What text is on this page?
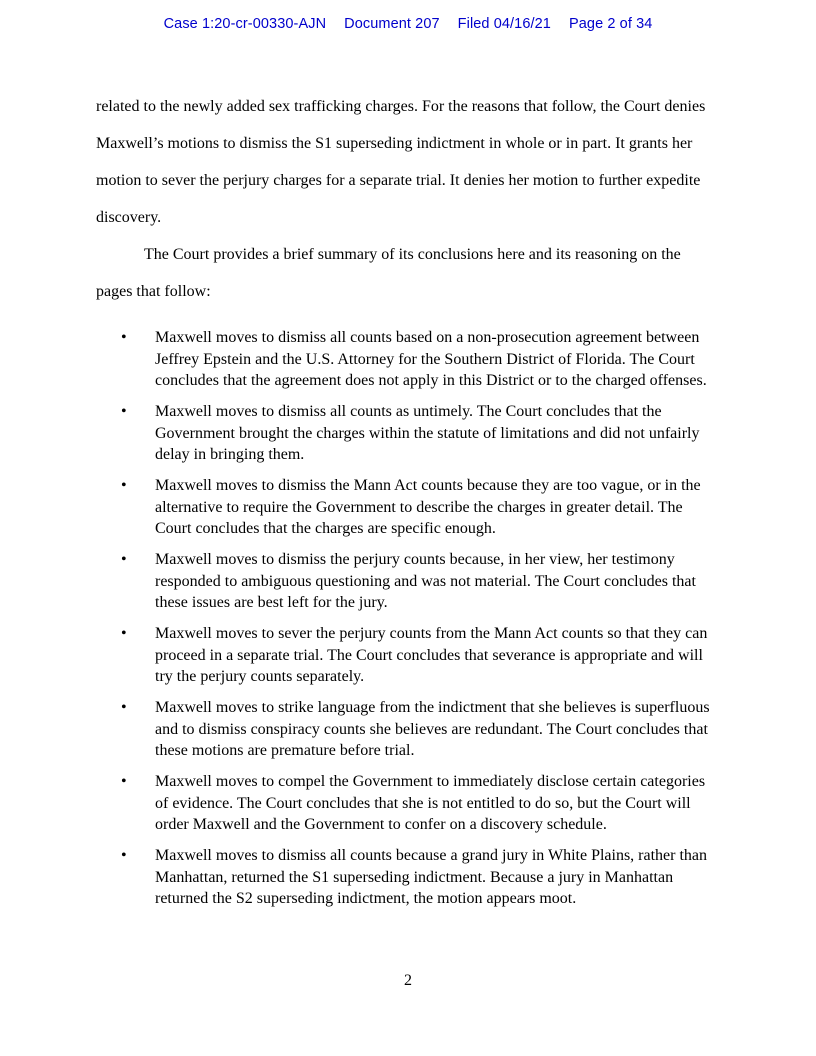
Case 1:20-cr-00330-AJN Document 207 Filed 04/16/21 Page 2 of 34

related to the newly added sex trafficking charges. For the reasons that follow, the Court denies Maxwell’s motions to dismiss the S1 superseding indictment in whole or in part. It grants her motion to sever the perjury charges for a separate trial. It denies her motion to further expedite discovery.

The Court provides a brief summary of its conclusions here and its reasoning on the pages that follow:

• Maxwell moves to dismiss all counts based on a non-prosecution agreement between Jeffrey Epstein and the U.S. Attorney for the Southern District of Florida. The Court concludes that the agreement does not apply in this District or to the charged offenses.
• Maxwell moves to dismiss all counts as untimely. The Court concludes that the Government brought the charges within the statute of limitations and did not unfairly delay in bringing them.
• Maxwell moves to dismiss the Mann Act counts because they are too vague, or in the alternative to require the Government to describe the charges in greater detail. The Court concludes that the charges are specific enough.
• Maxwell moves to dismiss the perjury counts because, in her view, her testimony responded to ambiguous questioning and was not material. The Court concludes that these issues are best left for the jury.
• Maxwell moves to sever the perjury counts from the Mann Act counts so that they can proceed in a separate trial. The Court concludes that severance is appropriate and will try the perjury counts separately.
• Maxwell moves to strike language from the indictment that she believes is superfluous and to dismiss conspiracy counts she believes are redundant. The Court concludes that these motions are premature before trial.
• Maxwell moves to compel the Government to immediately disclose certain categories of evidence. The Court concludes that she is not entitled to do so, but the Court will order Maxwell and the Government to confer on a discovery schedule.
• Maxwell moves to dismiss all counts because a grand jury in White Plains, rather than Manhattan, returned the S1 superseding indictment. Because a jury in Manhattan returned the S2 superseding indictment, the motion appears moot.
2
